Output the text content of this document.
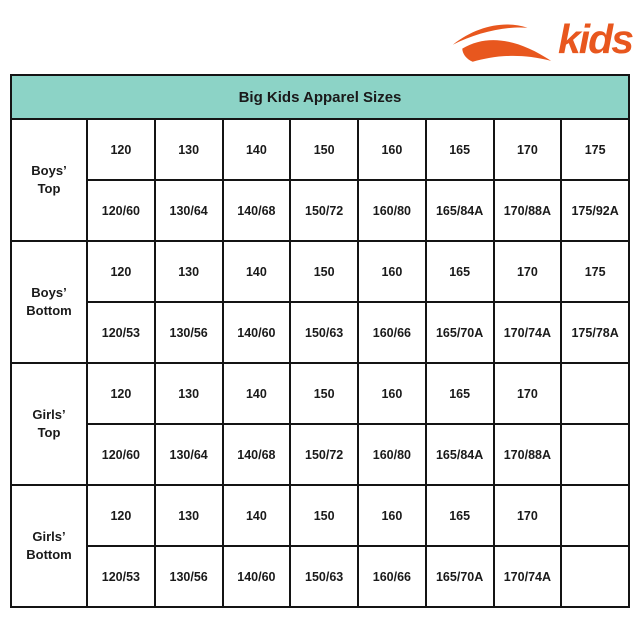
kids
Big Kids Apparel Sizes								

Boys’
Top	120	130	140	150	160	165	170	175
	120/60	130/64	140/68	150/72	160/80	165/84A	170/88A	175/92A

Boys’
Bottom	120	130	140	150	160	165	170	175
	120/53	130/56	140/60	150/63	160/66	165/70A	170/74A	175/78A

Girls’
Top	120	130	140	150	160	165	170	
	120/60	130/64	140/68	150/72	160/80	165/84A	170/88A	

Girls’
Bottom	120	130	140	150	160	165	170	
	120/53	130/56	140/60	150/63	160/66	165/70A	170/74A	
